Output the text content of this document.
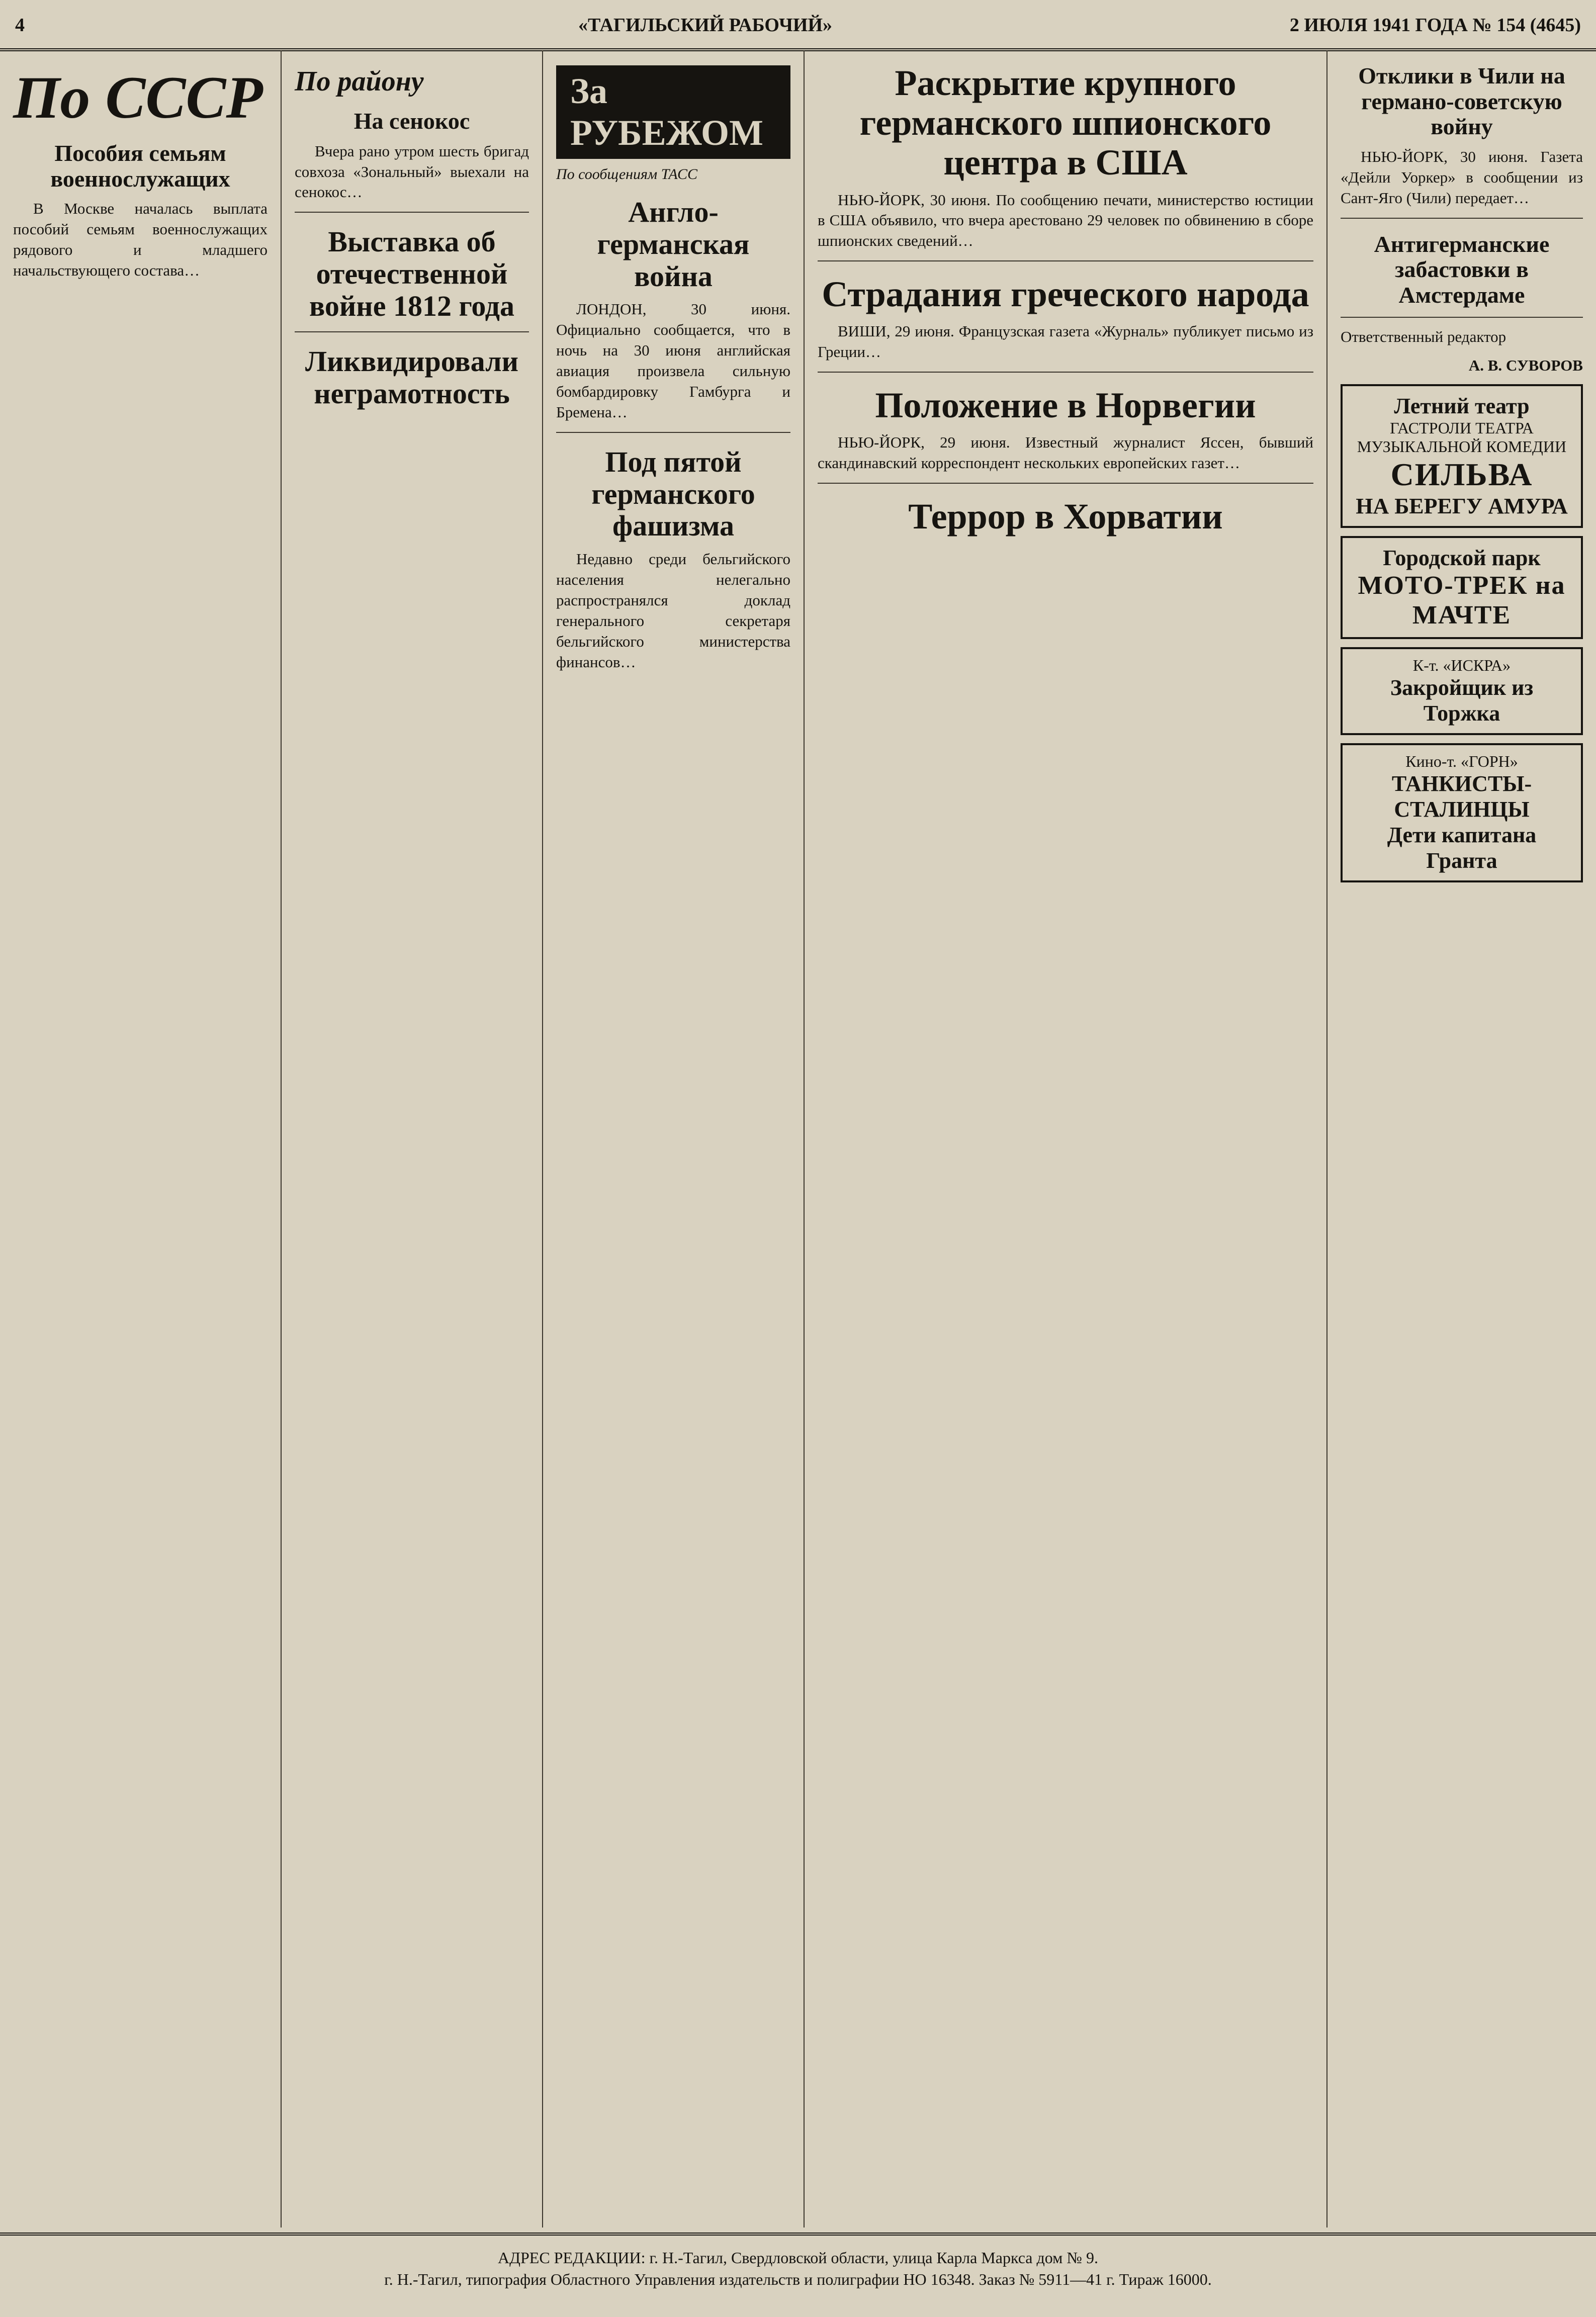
4	«ТАГИЛЬСКИЙ РАБОЧИЙ»	2 ИЮЛЯ 1941 ГОДА № 154 (4645)
По СССР
Пособия семьям военнослужащих

В Москве началась выплата пособий семьям военнослужащих рядового и младшего начальствующего состава…

По району
На сенокос

Вчера рано утром шесть бригад совхоза «Зональный» выехали на сенокос…

Выставка об отечественной войне 1812 года
Ликвидировали неграмотность
За РУБЕЖОМ
По сообщениям ТАСС
Англо-германская война

ЛОНДОН, 30 июня. Официально сообщается, что в ночь на 30 июня английская авиация произвела сильную бомбардировку Гамбурга и Бремена…

Под пятой германского фашизма

Недавно среди бельгийского населения нелегально распространялся доклад генерального секретаря бельгийского министерства финансов…

Раскрытие крупного германского шпионского центра в США

НЬЮ-ЙОРК, 30 июня. По сообщению печати, министерство юстиции в США объявило, что вчера арестовано 29 человек по обвинению в сборе шпионских сведений…

Страдания греческого народа

ВИШИ, 29 июня. Французская газета «Журналь» публикует письмо из Греции…

Положение в Норвегии

НЬЮ-ЙОРК, 29 июня. Известный журналист Яссен, бывший скандинавский корреспондент нескольких европейских газет…

Террор в Хорватии
Отклики в Чили на германо-советскую войну

НЬЮ-ЙОРК, 30 июня. Газета «Дейли Уоркер» в сообщении из Сант-Яго (Чили) передает…

Антигерманские забастовки в Амстердаме
Ответственный редактор
А. В. СУВОРОВ
Летний театр
ГАСТРОЛИ ТЕАТРА МУЗЫКАЛЬНОЙ КОМЕДИИ
СИЛЬВА
НА БЕРЕГУ АМУРА
Городской парк
МОТО-ТРЕК на МАЧТЕ
К-т. «ИСКРА»
Закройщик из Торжка
Кино-т. «ГОРН»
ТАНКИСТЫ-СТАЛИНЦЫ
Дети капитана Гранта
АДРЕС РЕДАКЦИИ: г. Н.-Тагил, Свердловской области, улица Карла Маркса дом № 9.
г. Н.-Тагил, типография Областного Управления издательств и полиграфии НО 16348. Заказ № 5911—41 г. Тираж 16000.
